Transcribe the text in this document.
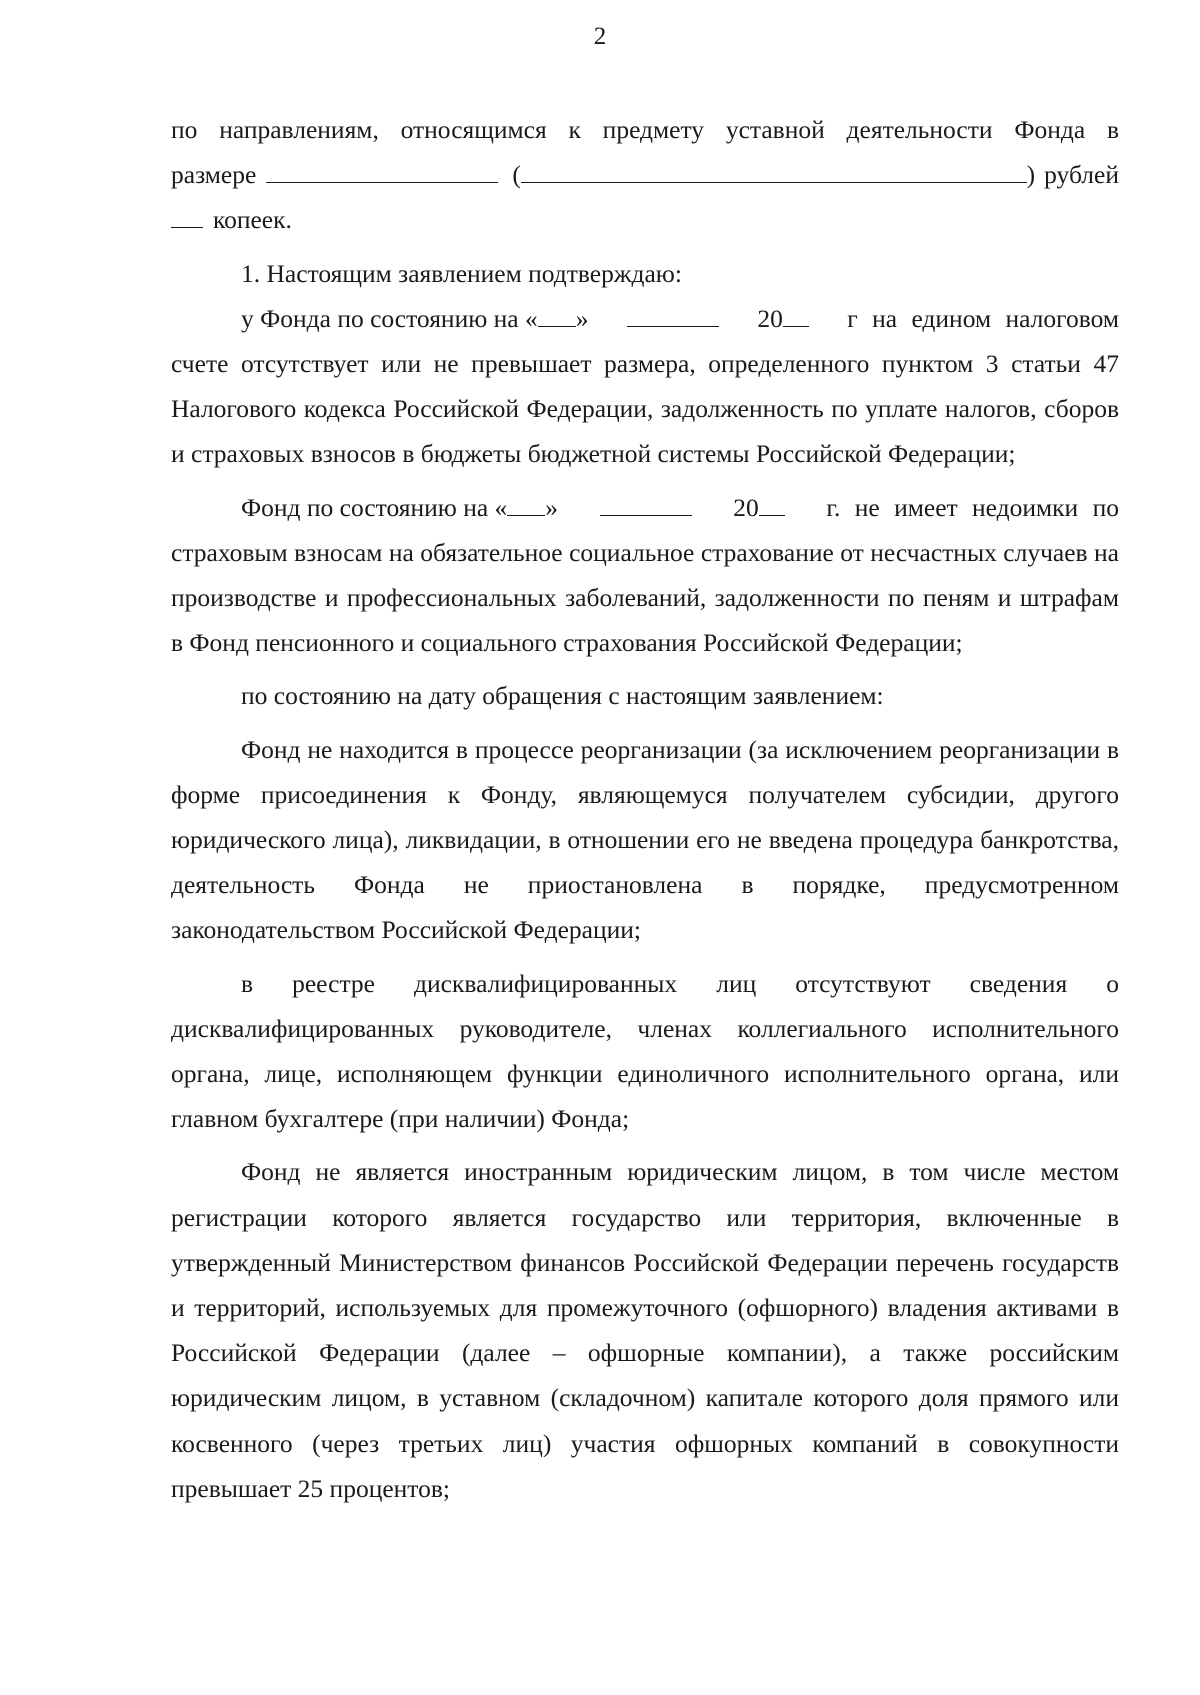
2

по направлениям, относящимся к предмету уставной деятельности Фонда в

размере	(	) рублей
копеек.

1. Настоящим заявлением подтверждаю:

у Фонда по состоянию на « »	20	г на едином налоговом

счете отсутствует или не превышает размера, определенного пунктом 3 статьи 47 Налогового кодекса Российской Федерации, задолженность по уплате налогов, сборов и страховых взносов в бюджеты бюджетной системы Российской Федерации;

Фонд по состоянию на « »	20	г. не имеет недоимки по

страховым взносам на обязательное социальное страхование от несчастных случаев на производстве и профессиональных заболеваний, задолженности по пеням и штрафам в Фонд пенсионного и социального страхования Российской Федерации;

по состоянию на дату обращения с настоящим заявлением:

Фонд не находится в процессе реорганизации (за исключением реорганизации в форме присоединения к Фонду, являющемуся получателем субсидии, другого юридического лица), ликвидации, в отношении его не введена процедура банкротства, деятельность Фонда не приостановлена в порядке, предусмотренном законодательством Российской Федерации;

в реестре дисквалифицированных лиц отсутствуют сведения о дисквалифицированных руководителе, членах коллегиального исполнительного органа, лице, исполняющем функции единоличного исполнительного органа, или главном бухгалтере (при наличии) Фонда;

Фонд не является иностранным юридическим лицом, в том числе местом регистрации которого является государство или территория, включенные в утвержденный Министерством финансов Российской Федерации перечень государств и территорий, используемых для промежуточного (офшорного) владения активами в Российской Федерации (далее – офшорные компании), а также российским юридическим лицом, в уставном (складочном) капитале которого доля прямого или косвенного (через третьих лиц) участия офшорных компаний в совокупности превышает 25 процентов;
